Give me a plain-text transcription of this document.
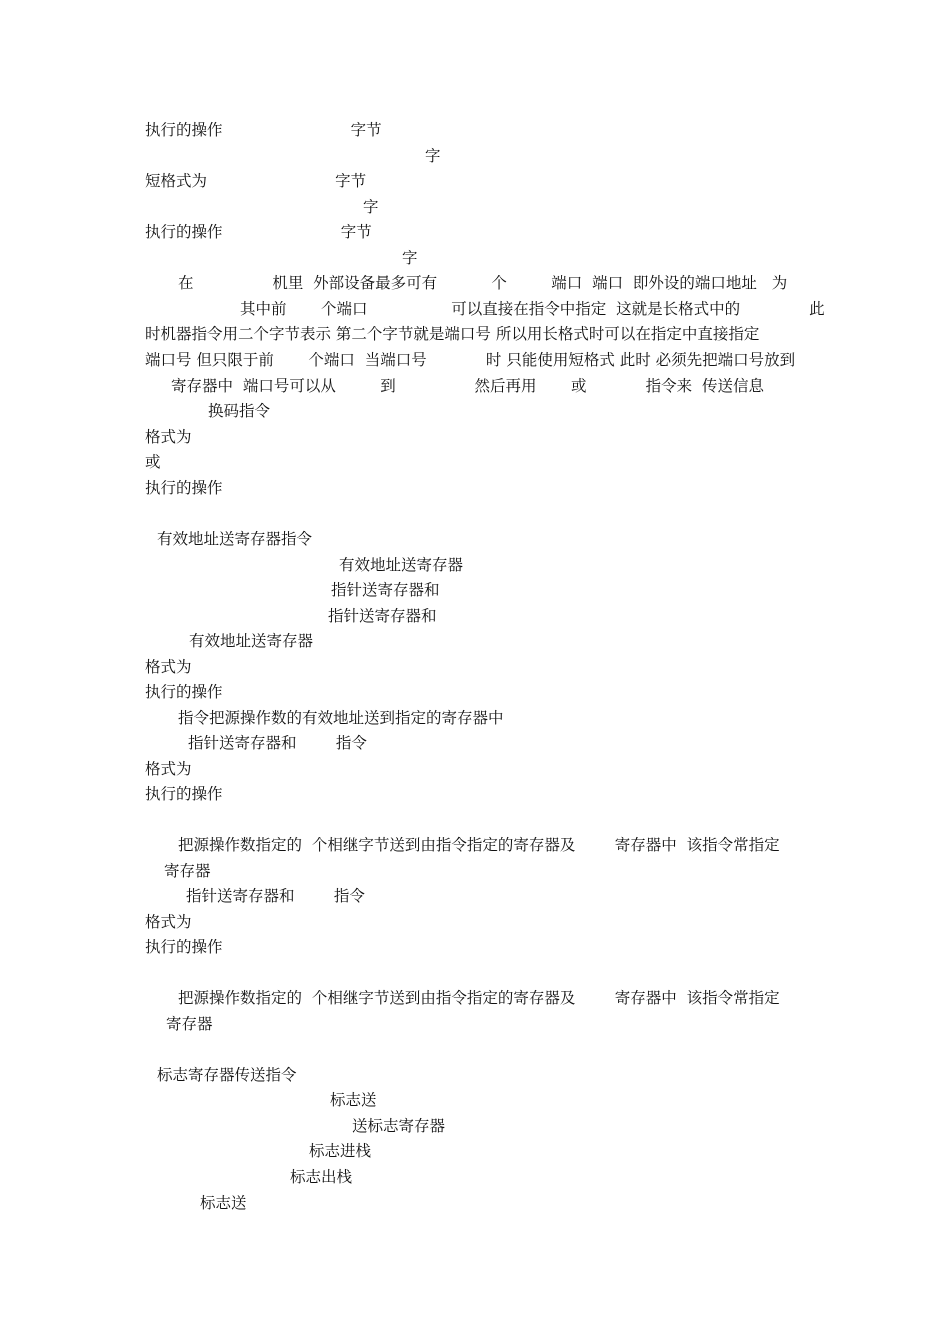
执行的操作                          字节
字
短格式为                          字节
字
执行的操作                        字节
字
在                机里  外部设备最多可有           个         端口  端口  即外设的端口地址   为
其中前       个端口                 可以直接在指令中指定  这就是长格式中的              此
时机器指令用二个字节表示 第二个字节就是端口号 所以用长格式时可以在指定中直接指定
端口号 但只限于前       个端口  当端口号            时 只能使用短格式 此时 必须先把端口号放到
寄存器中  端口号可以从         到                然后再用       或            指令来  传送信息
换码指令
格式为
或
执行的操作
有效地址送寄存器指令
有效地址送寄存器
指针送寄存器和
指针送寄存器和
有效地址送寄存器
格式为
执行的操作
指令把源操作数的有效地址送到指定的寄存器中
指针送寄存器和        指令
格式为
执行的操作
把源操作数指定的  个相继字节送到由指令指定的寄存器及        寄存器中  该指令常指定
寄存器
指针送寄存器和        指令
格式为
执行的操作
把源操作数指定的  个相继字节送到由指令指定的寄存器及        寄存器中  该指令常指定
寄存器
标志寄存器传送指令
标志送
送标志寄存器
标志进栈
标志出栈
标志送
